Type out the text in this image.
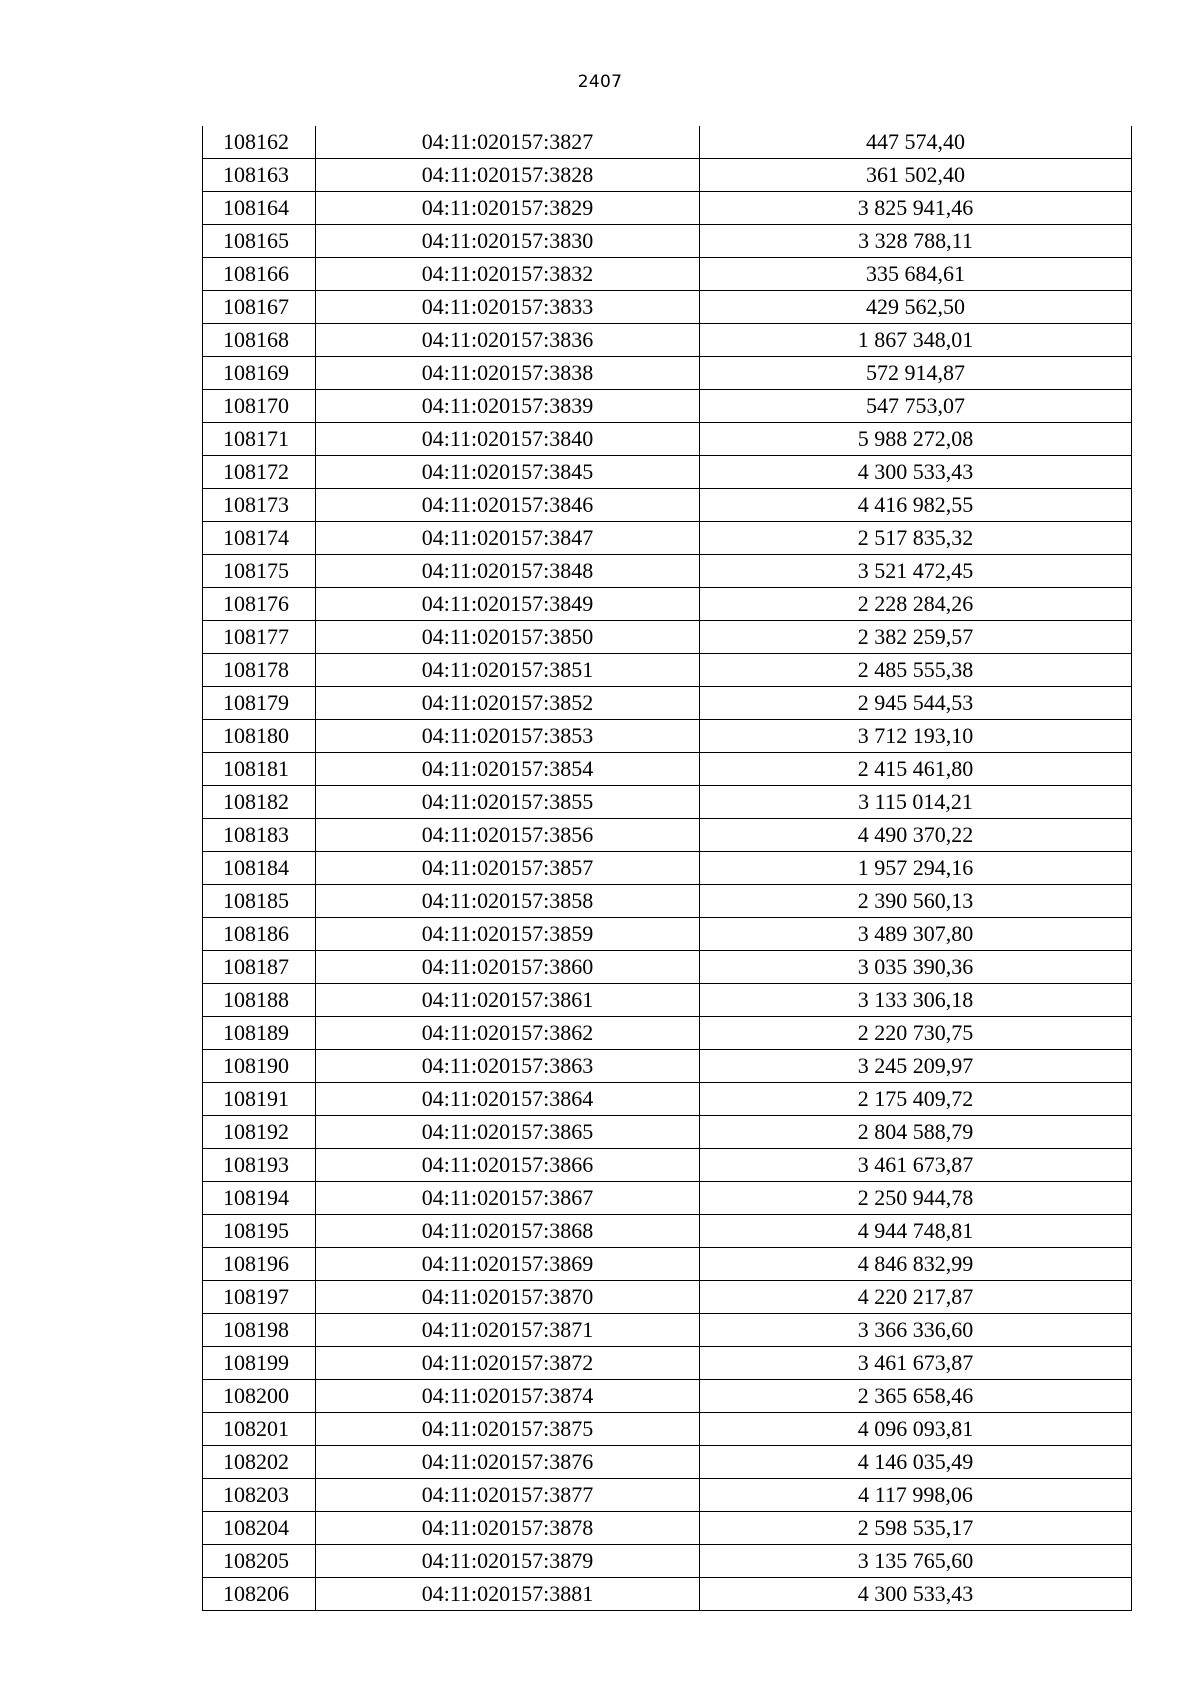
2407
108162	04:11:020157:3827	447 574,40
108163	04:11:020157:3828	361 502,40
108164	04:11:020157:3829	3 825 941,46
108165	04:11:020157:3830	3 328 788,11
108166	04:11:020157:3832	335 684,61
108167	04:11:020157:3833	429 562,50
108168	04:11:020157:3836	1 867 348,01
108169	04:11:020157:3838	572 914,87
108170	04:11:020157:3839	547 753,07
108171	04:11:020157:3840	5 988 272,08
108172	04:11:020157:3845	4 300 533,43
108173	04:11:020157:3846	4 416 982,55
108174	04:11:020157:3847	2 517 835,32
108175	04:11:020157:3848	3 521 472,45
108176	04:11:020157:3849	2 228 284,26
108177	04:11:020157:3850	2 382 259,57
108178	04:11:020157:3851	2 485 555,38
108179	04:11:020157:3852	2 945 544,53
108180	04:11:020157:3853	3 712 193,10
108181	04:11:020157:3854	2 415 461,80
108182	04:11:020157:3855	3 115 014,21
108183	04:11:020157:3856	4 490 370,22
108184	04:11:020157:3857	1 957 294,16
108185	04:11:020157:3858	2 390 560,13
108186	04:11:020157:3859	3 489 307,80
108187	04:11:020157:3860	3 035 390,36
108188	04:11:020157:3861	3 133 306,18
108189	04:11:020157:3862	2 220 730,75
108190	04:11:020157:3863	3 245 209,97
108191	04:11:020157:3864	2 175 409,72
108192	04:11:020157:3865	2 804 588,79
108193	04:11:020157:3866	3 461 673,87
108194	04:11:020157:3867	2 250 944,78
108195	04:11:020157:3868	4 944 748,81
108196	04:11:020157:3869	4 846 832,99
108197	04:11:020157:3870	4 220 217,87
108198	04:11:020157:3871	3 366 336,60
108199	04:11:020157:3872	3 461 673,87
108200	04:11:020157:3874	2 365 658,46
108201	04:11:020157:3875	4 096 093,81
108202	04:11:020157:3876	4 146 035,49
108203	04:11:020157:3877	4 117 998,06
108204	04:11:020157:3878	2 598 535,17
108205	04:11:020157:3879	3 135 765,60
108206	04:11:020157:3881	4 300 533,43
